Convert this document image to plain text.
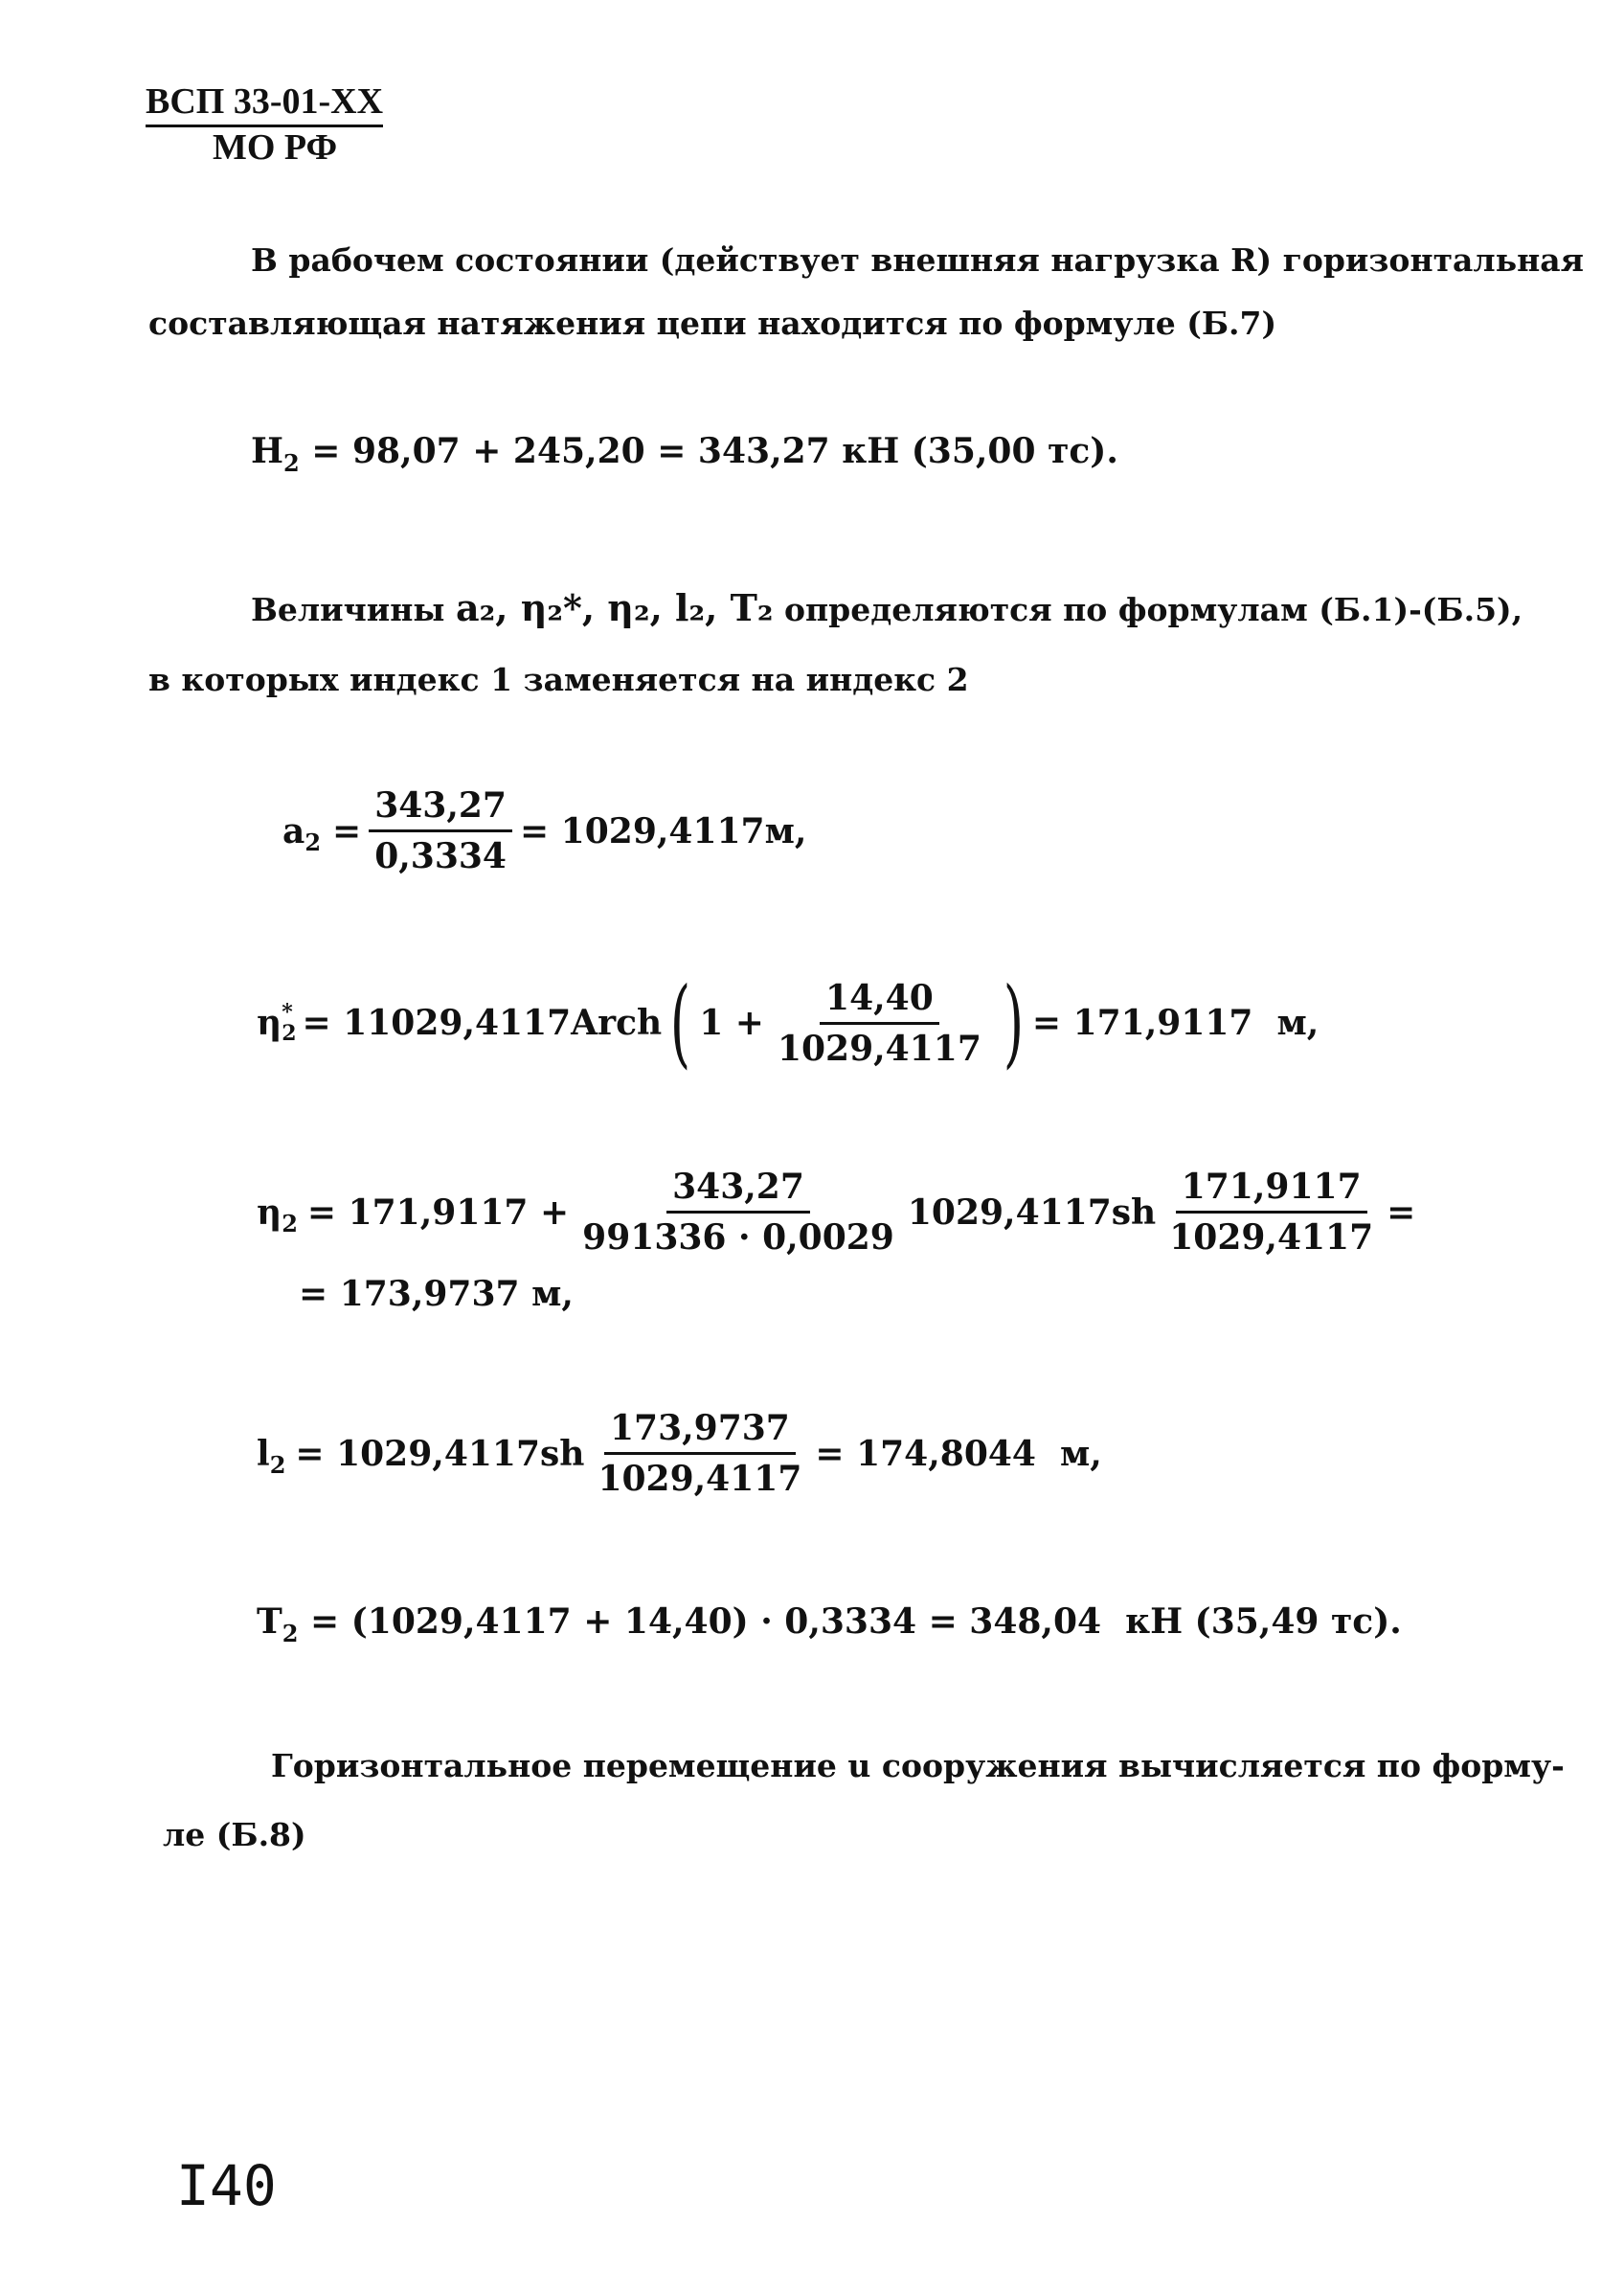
ВСП 33-01-XX
МО РФ
В рабочем состоянии (действует внешняя нагрузка R) горизонтальная
составляющая натяжения цепи находится по формуле (Б.7)
H 2 = 98,07 + 245,20 = 343,27 кН (35,00 тс).
Величины a₂, η₂*, η₂, l₂, T₂ определяются по формулам (Б.1)-(Б.5),
в которых индекс 1 заменяется на индекс 2
a $2 = \frac{343,27}{0,3334} = 1029,4117м$,
η *
2 = 11029,4117Arch ( $1 + \frac{14,40}{1029,4117}$ ) = 171,9117  м,
η $2 = 171,9117 + \frac{343,27}{991336 \cdot 0,0029} 1029,4117sh \frac{171,9117}{1029,4117}$ =
= 173,9737 м,
l $2 = 1029,4117sh \frac{173,9737}{1029,4117} = 174,8044$  м,
T 2 = (1029,4117 + 14,40) · 0,3334 = 348,04  кН (35,49 тс).
Горизонтальное перемещение u сооружения вычисляется по форму-
ле (Б.8)
I40
